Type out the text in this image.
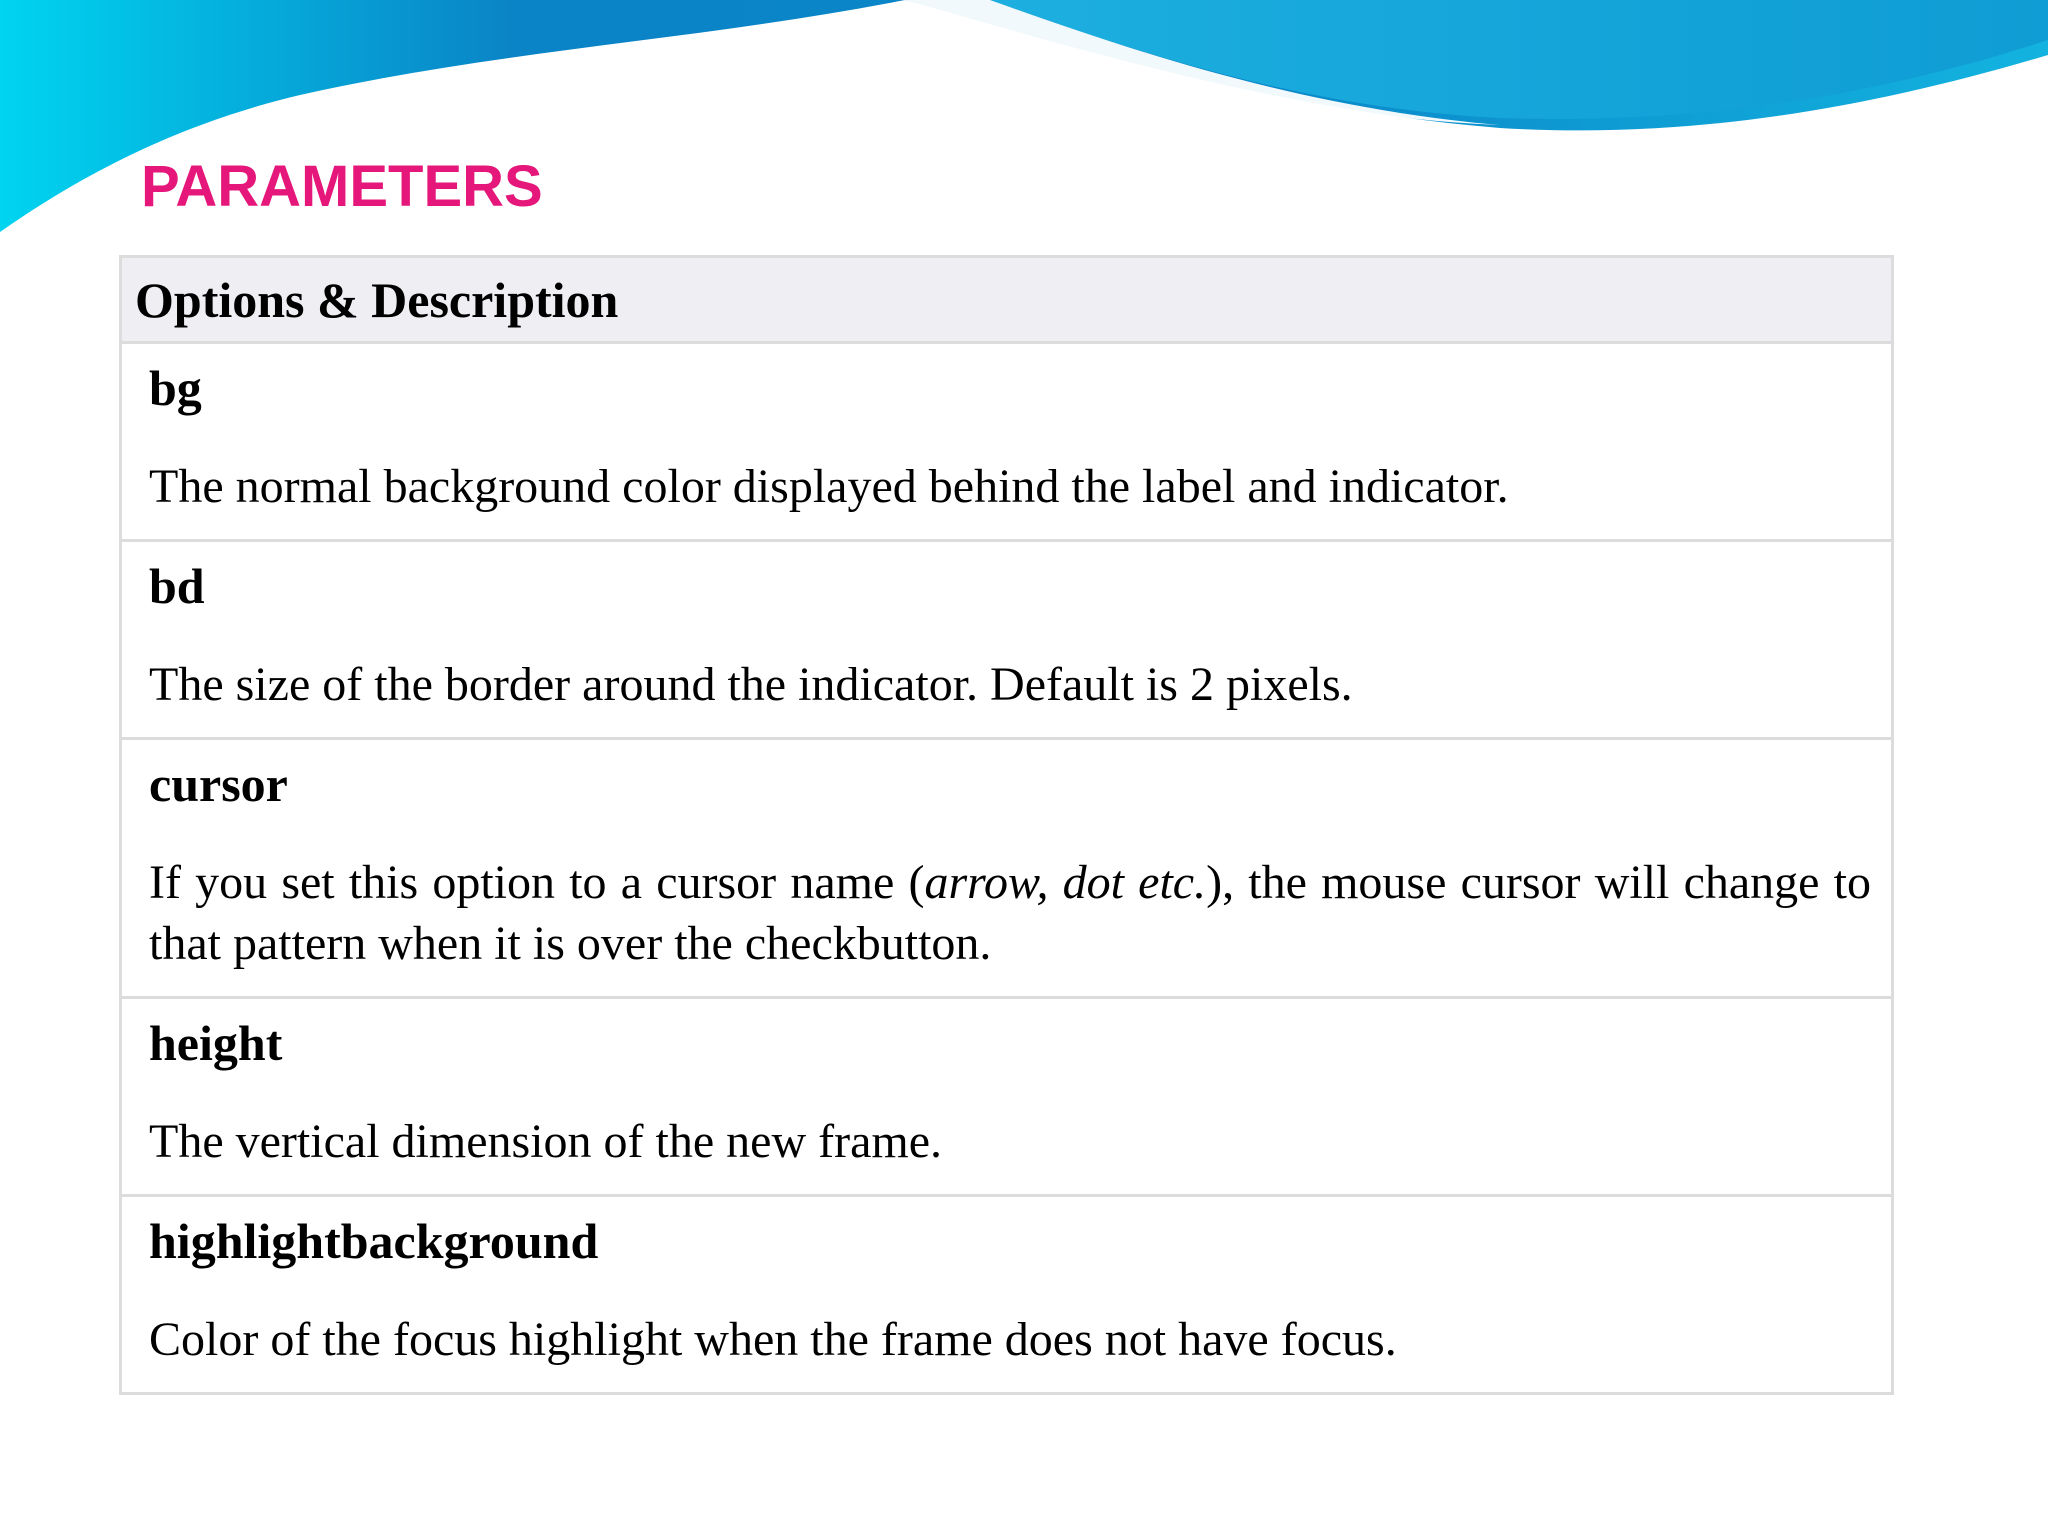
PARAMETERS
Options & Description

bg

The normal background color displayed behind the label and indicator.

bd

The size of the border around the indicator. Default is 2 pixels.

cursor

If you set this option to a cursor name (arrow, dot etc.), the mouse cursor will change to that pattern when it is over the checkbutton.

height

The vertical dimension of the new frame.

highlightbackground

Color of the focus highlight when the frame does not have focus.
